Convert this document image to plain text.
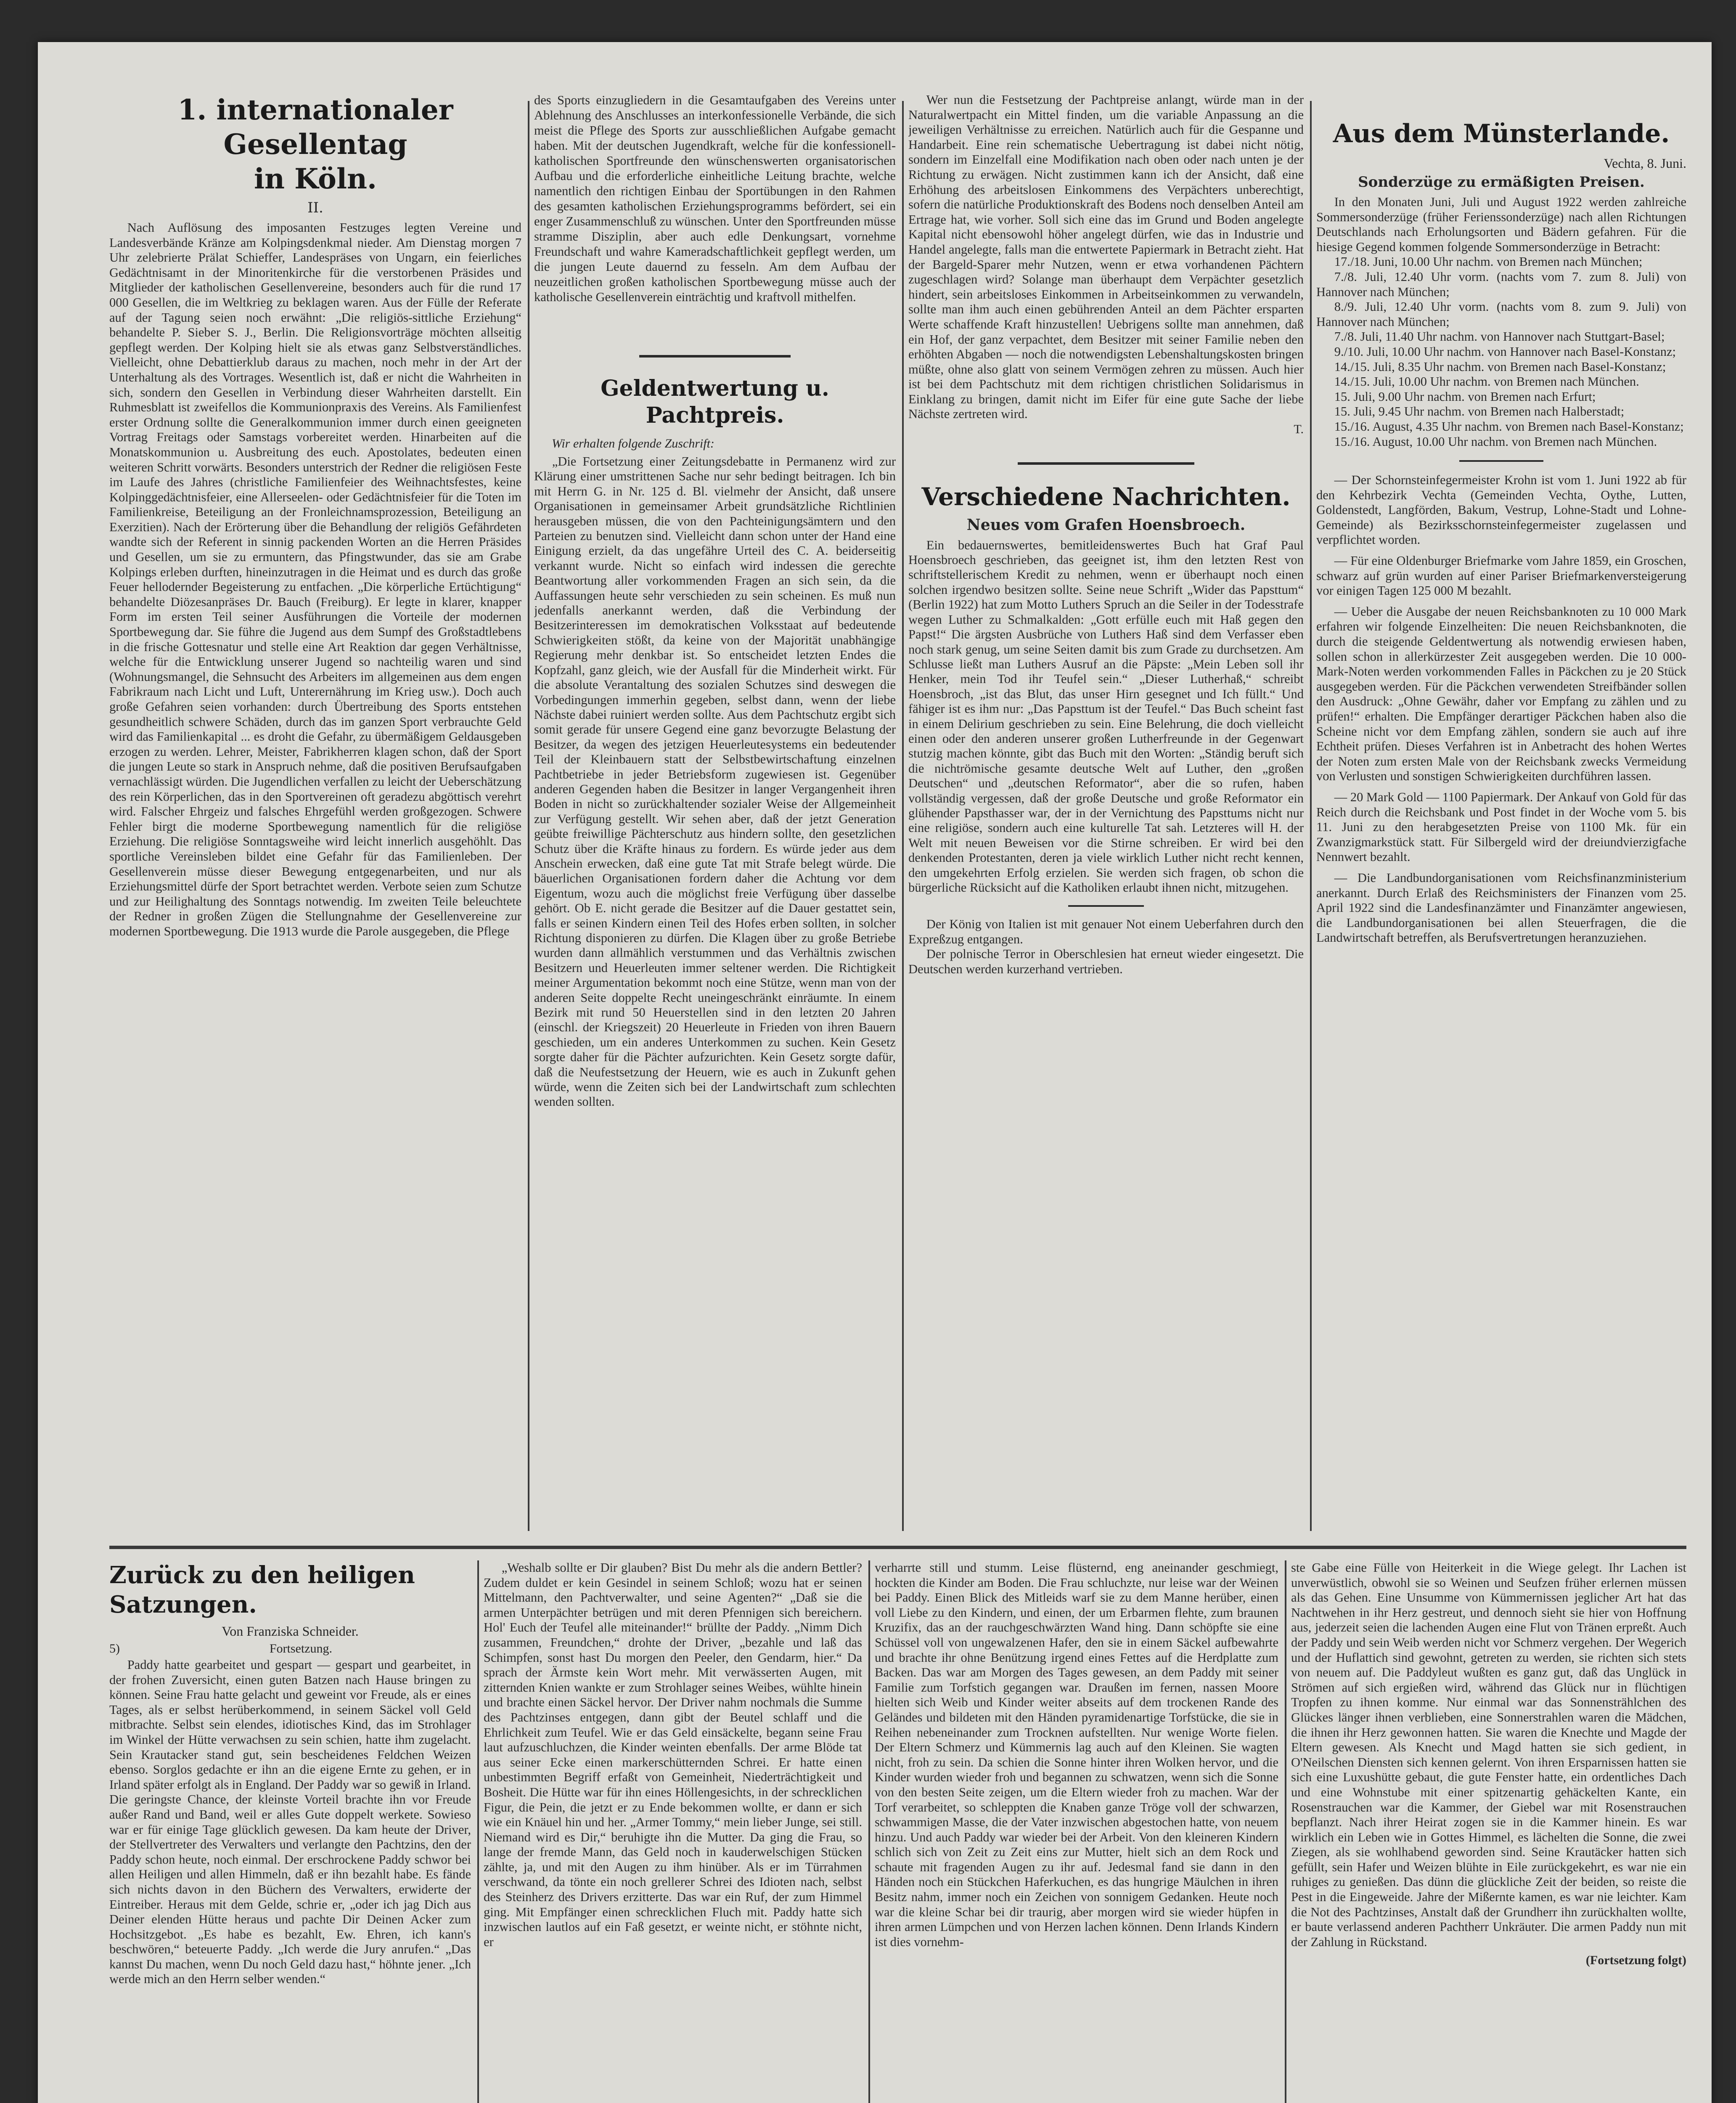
1. internationaler Gesellentag
in Köln.
II.

Nach Auflösung des imposanten Festzuges legten Vereine und Landesverbände Kränze am Kolpingsdenkmal nieder. Am Dienstag morgen 7 Uhr zelebrierte Prälat Schieffer, Landespräses von Ungarn, ein feierliches Gedächtnisamt in der Minoritenkirche für die verstorbenen Präsides und Mitglieder der katholischen Gesellenvereine, besonders auch für die rund 17 000 Gesellen, die im Weltkrieg zu beklagen waren. Aus der Fülle der Referate auf der Tagung seien noch erwähnt: „Die religiös-sittliche Erziehung“ behandelte P. Sieber S. J., Berlin. Die Religionsvorträge möchten allseitig gepflegt werden. Der Kolping hielt sie als etwas ganz Selbstverständliches. Vielleicht, ohne Debattierklub daraus zu machen, noch mehr in der Art der Unterhaltung als des Vortrages. Wesentlich ist, daß er nicht die Wahrheiten in sich, sondern den Gesellen in Verbindung dieser Wahrheiten darstellt. Ein Ruhmesblatt ist zweifellos die Kommunionpraxis des Vereins. Als Familienfest erster Ordnung sollte die Generalkommunion immer durch einen geeigneten Vortrag Freitags oder Samstags vorbereitet werden. Hinarbeiten auf die Monatskommunion u. Ausbreitung des euch. Apostolates, bedeuten einen weiteren Schritt vorwärts. Besonders unterstrich der Redner die religiösen Feste im Laufe des Jahres (christliche Familienfeier des Weihnachtsfestes, keine Kolpinggedächtnisfeier, eine Allerseelen- oder Gedächtnisfeier für die Toten im Familienkreise, Beteiligung an der Fronleichnamsprozession, Beteiligung an Exerzitien). Nach der Erörterung über die Behandlung der religiös Gefährdeten wandte sich der Referent in sinnig packenden Worten an die Herren Präsides und Gesellen, um sie zu ermuntern, das Pfingstwunder, das sie am Grabe Kolpings erleben durften, hineinzutragen in die Heimat und es durch das große Feuer hellodernder Begeisterung zu entfachen. „Die körperliche Ertüchtigung“ behandelte Diözesanpräses Dr. Bauch (Freiburg). Er legte in klarer, knapper Form im ersten Teil seiner Ausführungen die Vorteile der modernen Sportbewegung dar. Sie führe die Jugend aus dem Sumpf des Großstadtlebens in die frische Gottesnatur und stelle eine Art Reaktion dar gegen Verhältnisse, welche für die Entwicklung unserer Jugend so nachteilig waren und sind (Wohnungsmangel, die Sehnsucht des Arbeiters im allgemeinen aus dem engen Fabrikraum nach Licht und Luft, Unterernährung im Krieg usw.). Doch auch große Gefahren seien vorhanden: durch Übertreibung des Sports entstehen gesundheitlich schwere Schäden, durch das im ganzen Sport verbrauchte Geld wird das Familienkapital ... es droht die Gefahr, zu übermäßigem Geldausgeben erzogen zu werden. Lehrer, Meister, Fabrikherren klagen schon, daß der Sport die jungen Leute so stark in Anspruch nehme, daß die positiven Berufsaufgaben vernachlässigt würden. Die Jugendlichen verfallen zu leicht der Ueberschätzung des rein Körperlichen, das in den Sportvereinen oft geradezu abgöttisch verehrt wird. Falscher Ehrgeiz und falsches Ehrgefühl werden großgezogen. Schwere Fehler birgt die moderne Sportbewegung namentlich für die religiöse Erziehung. Die religiöse Sonntagsweihe wird leicht innerlich ausgehöhlt. Das sportliche Vereinsleben bildet eine Gefahr für das Familienleben. Der Gesellenverein müsse dieser Bewegung entgegenarbeiten, und nur als Erziehungsmittel dürfe der Sport betrachtet werden. Verbote seien zum Schutze und zur Heilighaltung des Sonntags notwendig. Im zweiten Teile beleuchtete der Redner in großen Zügen die Stellungnahme der Gesellenvereine zur modernen Sportbewegung. Die 1913 wurde die Parole ausgegeben, die Pflege

des Sports einzugliedern in die Gesamtaufgaben des Vereins unter Ablehnung des Anschlusses an interkonfessionelle Verbände, die sich meist die Pflege des Sports zur ausschließlichen Aufgabe gemacht haben. Mit der deutschen Jugendkraft, welche für die konfessionell-katholischen Sportfreunde den wünschenswerten organisatorischen Aufbau und die erforderliche einheitliche Leitung brachte, welche namentlich den richtigen Einbau der Sportübungen in den Rahmen des gesamten katholischen Erziehungsprogramms befördert, sei ein enger Zusammenschluß zu wünschen. Unter den Sportfreunden müsse stramme Disziplin, aber auch edle Denkungsart, vornehme Freundschaft und wahre Kameradschaftlichkeit gepflegt werden, um die jungen Leute dauernd zu fesseln. Am dem Aufbau der neuzeitlichen großen katholischen Sportbewegung müsse auch der katholische Gesellenverein einträchtig und kraftvoll mithelfen.

Geldentwertung u. Pachtpreis.
Wir erhalten folgende Zuschrift:

„Die Fortsetzung einer Zeitungsdebatte in Permanenz wird zur Klärung einer umstrittenen Sache nur sehr bedingt beitragen. Ich bin mit Herrn G. in Nr. 125 d. Bl. vielmehr der Ansicht, daß unsere Organisationen in gemeinsamer Arbeit grundsätzliche Richtlinien herausgeben müssen, die von den Pachteinigungsämtern und den Parteien zu benutzen sind. Vielleicht dann schon unter der Hand eine Einigung erzielt, da das ungefähre Urteil des C. A. beiderseitig verkannt wurde. Nicht so einfach wird indessen die gerechte Beantwortung aller vorkommenden Fragen an sich sein, da die Auffassungen heute sehr verschieden zu sein scheinen. Es muß nun jedenfalls anerkannt werden, daß die Verbindung der Besitzerinteressen im demokratischen Volksstaat auf bedeutende Schwierigkeiten stößt, da keine von der Majorität unabhängige Regierung mehr denkbar ist. So entscheidet letzten Endes die Kopfzahl, ganz gleich, wie der Ausfall für die Minderheit wirkt. Für die absolute Verantaltung des sozialen Schutzes sind deswegen die Vorbedingungen immerhin gegeben, selbst dann, wenn der liebe Nächste dabei ruiniert werden sollte. Aus dem Pachtschutz ergibt sich somit gerade für unsere Gegend eine ganz bevorzugte Belastung der Besitzer, da wegen des jetzigen Heuerleutesystems ein bedeutender Teil der Kleinbauern statt der Selbstbewirtschaftung einzelnen Pachtbetriebe in jeder Betriebsform zugewiesen ist. Gegenüber anderen Gegenden haben die Besitzer in langer Vergangenheit ihren Boden in nicht so zurückhaltender sozialer Weise der Allgemeinheit zur Verfügung gestellt. Wir sehen aber, daß der jetzt Generation geübte freiwillige Pächterschutz aus hindern sollte, den gesetzlichen Schutz über die Kräfte hinaus zu fordern. Es würde jeder aus dem Anschein erwecken, daß eine gute Tat mit Strafe belegt würde. Die bäuerlichen Organisationen fordern daher die Achtung vor dem Eigentum, wozu auch die möglichst freie Verfügung über dasselbe gehört. Ob E. nicht gerade die Besitzer auf die Dauer gestattet sein, falls er seinen Kindern einen Teil des Hofes erben sollten, in solcher Richtung disponieren zu dürfen. Die Klagen über zu große Betriebe wurden dann allmählich verstummen und das Verhältnis zwischen Besitzern und Heuerleuten immer seltener werden. Die Richtigkeit meiner Argumentation bekommt noch eine Stütze, wenn man von der anderen Seite doppelte Recht uneingeschränkt einräumte. In einem Bezirk mit rund 50 Heuerstellen sind in den letzten 20 Jahren (einschl. der Kriegszeit) 20 Heuerleute in Frieden von ihren Bauern geschieden, um ein anderes Unterkommen zu suchen. Kein Gesetz sorgte daher für die Pächter aufzurichten. Kein Gesetz sorgte dafür, daß die Neufestsetzung der Heuern, wie es auch in Zukunft gehen würde, wenn die Zeiten sich bei der Landwirtschaft zum schlechten wenden sollten.

Wer nun die Festsetzung der Pachtpreise anlangt, würde man in der Naturalwertpacht ein Mittel finden, um die variable Anpassung an die jeweiligen Verhältnisse zu erreichen. Natürlich auch für die Gespanne und Handarbeit. Eine rein schematische Uebertragung ist dabei nicht nötig, sondern im Einzelfall eine Modifikation nach oben oder nach unten je der Richtung zu erwägen. Nicht zustimmen kann ich der Ansicht, daß eine Erhöhung des arbeitslosen Einkommens des Verpächters unberechtigt, sofern die natürliche Produktionskraft des Bodens noch denselben Anteil am Ertrage hat, wie vorher. Soll sich eine das im Grund und Boden angelegte Kapital nicht ebensowohl höher angelegt dürfen, wie das in Industrie und Handel angelegte, falls man die entwertete Papiermark in Betracht zieht. Hat der Bargeld-Sparer mehr Nutzen, wenn er etwa vorhandenen Pächtern zugeschlagen wird? Solange man überhaupt dem Verpächter gesetzlich hindert, sein arbeitsloses Einkommen in Arbeitseinkommen zu verwandeln, sollte man ihm auch einen gebührenden Anteil an dem Pächter ersparten Werte schaffende Kraft hinzustellen! Uebrigens sollte man annehmen, daß ein Hof, der ganz verpachtet, dem Besitzer mit seiner Familie neben den erhöhten Abgaben — noch die notwendigsten Lebenshaltungskosten bringen müßte, ohne also glatt von seinem Vermögen zehren zu müssen. Auch hier ist bei dem Pachtschutz mit dem richtigen christlichen Solidarismus in Einklang zu bringen, damit nicht im Eifer für eine gute Sache der liebe Nächste zertreten wird.

T.
Verschiedene Nachrichten.
Neues vom Grafen Hoensbroech.

Ein bedauernswertes, bemitleidenswertes Buch hat Graf Paul Hoensbroech geschrieben, das geeignet ist, ihm den letzten Rest von schriftstellerischem Kredit zu nehmen, wenn er überhaupt noch einen solchen irgendwo besitzen sollte. Seine neue Schrift „Wider das Papsttum“ (Berlin 1922) hat zum Motto Luthers Spruch an die Seiler in der Todesstrafe wegen Luther zu Schmalkalden: „Gott erfülle euch mit Haß gegen den Papst!“ Die ärgsten Ausbrüche von Luthers Haß sind dem Verfasser eben noch stark genug, um seine Seiten damit bis zum Grade zu durchsetzen. Am Schlusse ließt man Luthers Ausruf an die Päpste: „Mein Leben soll ihr Henker, mein Tod ihr Teufel sein.“ „Dieser Lutherhaß,“ schreibt Hoensbroch, „ist das Blut, das unser Hirn gesegnet und Ich füllt.“ Und fähiger ist es ihm nur: „Das Papsttum ist der Teufel.“ Das Buch scheint fast in einem Delirium geschrieben zu sein. Eine Belehrung, die doch vielleicht einen oder den anderen unserer großen Lutherfreunde in der Gegenwart stutzig machen könnte, gibt das Buch mit den Worten: „Ständig beruft sich die nichtrömische gesamte deutsche Welt auf Luther, den „großen Deutschen“ und „deutschen Reformator“, aber die so rufen, haben vollständig vergessen, daß der große Deutsche und große Reformator ein glühender Papsthasser war, der in der Vernichtung des Papsttums nicht nur eine religiöse, sondern auch eine kulturelle Tat sah. Letzteres will H. der Welt mit neuen Beweisen vor die Stirne schreiben. Er wird bei den denkenden Protestanten, deren ja viele wirklich Luther nicht recht kennen, den umgekehrten Erfolg erzielen. Sie werden sich fragen, ob schon die bürgerliche Rücksicht auf die Katholiken erlaubt ihnen nicht, mitzugehen.

Der König von Italien ist mit genauer Not einem Ueberfahren durch den Expreßzug entgangen.

Der polnische Terror in Oberschlesien hat erneut wieder eingesetzt. Die Deutschen werden kurzerhand vertrieben.

Aus dem Münsterlande.
Vechta, 8. Juni.
Sonderzüge zu ermäßigten Preisen.

In den Monaten Juni, Juli und August 1922 werden zahlreiche Sommersonderzüge (früher Ferienssonderzüge) nach allen Richtungen Deutschlands nach Erholungsorten und Bädern gefahren. Für die hiesige Gegend kommen folgende Sommersonderzüge in Betracht:

17./18. Juni, 10.00 Uhr nachm. von Bremen nach München;

7./8. Juli, 12.40 Uhr vorm. (nachts vom 7. zum 8. Juli) von Hannover nach München;

8./9. Juli, 12.40 Uhr vorm. (nachts vom 8. zum 9. Juli) von Hannover nach München;

7./8. Juli, 11.40 Uhr nachm. von Hannover nach Stuttgart-Basel;

9./10. Juli, 10.00 Uhr nachm. von Hannover nach Basel-Konstanz;

14./15. Juli, 8.35 Uhr nachm. von Bremen nach Basel-Konstanz;

14./15. Juli, 10.00 Uhr nachm. von Bremen nach München.

15. Juli, 9.00 Uhr nachm. von Bremen nach Erfurt;

15. Juli, 9.45 Uhr nachm. von Bremen nach Halberstadt;

15./16. August, 4.35 Uhr nachm. von Bremen nach Basel-Konstanz;

15./16. August, 10.00 Uhr nachm. von Bremen nach München.

— Der Schornsteinfegermeister Krohn ist vom 1. Juni 1922 ab für den Kehrbezirk Vechta (Gemeinden Vechta, Oythe, Lutten, Goldenstedt, Langförden, Bakum, Vestrup, Lohne-Stadt und Lohne-Gemeinde) als Bezirksschornsteinfegermeister zugelassen und verpflichtet worden.

— Für eine Oldenburger Briefmarke vom Jahre 1859, ein Groschen, schwarz auf grün wurden auf einer Pariser Briefmarkenversteigerung vor einigen Tagen 125 000 M bezahlt.

— Ueber die Ausgabe der neuen Reichsbanknoten zu 10 000 Mark erfahren wir folgende Einzelheiten: Die neuen Reichsbanknoten, die durch die steigende Geldentwertung als notwendig erwiesen haben, sollen schon in allerkürzester Zeit ausgegeben werden. Die 10 000-Mark-Noten werden vorkommenden Falles in Päckchen zu je 20 Stück ausgegeben werden. Für die Päckchen verwendeten Streifbänder sollen den Ausdruck: „Ohne Gewähr, daher vor Empfang zu zählen und zu prüfen!“ erhalten. Die Empfänger derartiger Päckchen haben also die Scheine nicht vor dem Empfang zählen, sondern sie auch auf ihre Echtheit prüfen. Dieses Verfahren ist in Anbetracht des hohen Wertes der Noten zum ersten Male von der Reichsbank zwecks Vermeidung von Verlusten und sonstigen Schwierigkeiten durchführen lassen.

— 20 Mark Gold — 1100 Papiermark. Der Ankauf von Gold für das Reich durch die Reichsbank und Post findet in der Woche vom 5. bis 11. Juni zu den herabgesetzten Preise von 1100 Mk. für ein Zwanzigmarkstück statt. Für Silbergeld wird der dreiundvierzigfache Nennwert bezahlt.

— Die Landbundorganisationen vom Reichsfinanzministerium anerkannt. Durch Erlaß des Reichsministers der Finanzen vom 25. April 1922 sind die Landesfinanzämter und Finanzämter angewiesen, die Landbundorganisationen bei allen Steuerfragen, die die Landwirtschaft betreffen, als Berufsvertretungen heranzuziehen.

Zurück zu den heiligen Satzungen.
Von Franziska Schneider.
5)	Fortsetzung.

Paddy hatte gearbeitet und gespart — gespart und gearbeitet, in der frohen Zuversicht, einen guten Batzen nach Hause bringen zu können. Seine Frau hatte gelacht und geweint vor Freude, als er eines Tages, als er selbst herüberkommend, in seinem Säckel voll Geld mitbrachte. Selbst sein elendes, idiotisches Kind, das im Strohlager im Winkel der Hütte verwachsen zu sein schien, hatte ihm zugelacht. Sein Krautacker stand gut, sein bescheidenes Feldchen Weizen ebenso. Sorglos gedachte er ihn an die eigene Ernte zu gehen, er in Irland später erfolgt als in England. Der Paddy war so gewiß in Irland. Die geringste Chance, der kleinste Vorteil brachte ihn vor Freude außer Rand und Band, weil er alles Gute doppelt werkete. Sowieso war er für einige Tage glücklich gewesen. Da kam heute der Driver, der Stellvertreter des Verwalters und verlangte den Pachtzins, den der Paddy schon heute, noch einmal. Der erschrockene Paddy schwor bei allen Heiligen und allen Himmeln, daß er ihn bezahlt habe. Es fände sich nichts davon in den Büchern des Verwalters, erwiderte der Eintreiber. Heraus mit dem Gelde, schrie er, „oder ich jag Dich aus Deiner elenden Hütte heraus und pachte Dir Deinen Acker zum Hochsitzgebot. „Es habe es bezahlt, Ew. Ehren, ich kann's beschwören,“ beteuerte Paddy. „Ich werde die Jury anrufen.“ „Das kannst Du machen, wenn Du noch Geld dazu hast,“ höhnte jener. „Ich werde mich an den Herrn selber wenden.“

„Weshalb sollte er Dir glauben? Bist Du mehr als die andern Bettler? Zudem duldet er kein Gesindel in seinem Schloß; wozu hat er seinen Mittelmann, den Pachtverwalter, und seine Agenten?“ „Daß sie die armen Unterpächter betrügen und mit deren Pfennigen sich bereichern. Hol' Euch der Teufel alle miteinander!“ brüllte der Paddy. „Nimm Dich zusammen, Freundchen,“ drohte der Driver, „bezahle und laß das Schimpfen, sonst hast Du morgen den Peeler, den Gendarm, hier.“ Da sprach der Ärmste kein Wort mehr. Mit verwässerten Augen, mit zitternden Knien wankte er zum Strohlager seines Weibes, wühlte hinein und brachte einen Säckel hervor. Der Driver nahm nochmals die Summe des Pachtzinses entgegen, dann gibt der Beutel schlaff und die Ehrlichkeit zum Teufel. Wie er das Geld einsäckelte, begann seine Frau laut aufzuschluchzen, die Kinder weinten ebenfalls. Der arme Blöde tat aus seiner Ecke einen markerschütternden Schrei. Er hatte einen unbestimmten Begriff erfaßt von Gemeinheit, Niederträchtigkeit und Bosheit. Die Hütte war für ihn eines Höllengesichts, in der schrecklichen Figur, die Pein, die jetzt er zu Ende bekommen wollte, er dann er sich wie ein Knäuel hin und her. „Armer Tommy,“ mein lieber Junge, sei still. Niemand wird es Dir,“ beruhigte ihn die Mutter. Da ging die Frau, so lange der fremde Mann, das Geld noch in kauderwelschigen Stücken zählte, ja, und mit den Augen zu ihm hinüber. Als er im Türrahmen verschwand, da tönte ein noch grellerer Schrei des Idioten nach, selbst des Steinherz des Drivers erzitterte. Das war ein Ruf, der zum Himmel ging. Mit Empfänger einen schrecklichen Fluch mit. Paddy hatte sich inzwischen lautlos auf ein Faß gesetzt, er weinte nicht, er stöhnte nicht, er

verharrte still und stumm. Leise flüsternd, eng aneinander geschmiegt, hockten die Kinder am Boden. Die Frau schluchzte, nur leise war der Weinen bei Paddy. Einen Blick des Mitleids warf sie zu dem Manne herüber, einen voll Liebe zu den Kindern, und einen, der um Erbarmen flehte, zum braunen Kruzifix, das an der rauchgeschwärzten Wand hing. Dann schöpfte sie eine Schüssel voll von ungewalzenen Hafer, den sie in einem Säckel aufbewahrte und brachte ihr ohne Benützung irgend eines Fettes auf die Herdplatte zum Backen. Das war am Morgen des Tages gewesen, an dem Paddy mit seiner Familie zum Torfstich gegangen war. Draußen im fernen, nassen Moore hielten sich Weib und Kinder weiter abseits auf dem trockenen Rande des Geländes und bildeten mit den Händen pyramidenartige Torfstücke, die sie in Reihen nebeneinander zum Trocknen aufstellten. Nur wenige Worte fielen. Der Eltern Schmerz und Kümmernis lag auch auf den Kleinen. Sie wagten nicht, froh zu sein. Da schien die Sonne hinter ihren Wolken hervor, und die Kinder wurden wieder froh und begannen zu schwatzen, wenn sich die Sonne von den besten Seite zeigen, um die Eltern wieder froh zu machen. War der Torf verarbeitet, so schleppten die Knaben ganze Tröge voll der schwarzen, schwammigen Masse, die der Vater inzwischen abgestochen hatte, von neuem hinzu. Und auch Paddy war wieder bei der Arbeit. Von den kleineren Kindern schlich sich von Zeit zu Zeit eins zur Mutter, hielt sich an dem Rock und schaute mit fragenden Augen zu ihr auf. Jedesmal fand sie dann in den Händen noch ein Stückchen Haferkuchen, es das hungrige Mäulchen in ihren Besitz nahm, immer noch ein Zeichen von sonnigem Gedanken. Heute noch war die kleine Schar bei dir traurig, aber morgen wird sie wieder hüpfen in ihren armen Lümpchen und von Herzen lachen können. Denn Irlands Kindern ist dies vornehm-

ste Gabe eine Fülle von Heiterkeit in die Wiege gelegt. Ihr Lachen ist unverwüstlich, obwohl sie so Weinen und Seufzen früher erlernen müssen als das Gehen. Eine Unsumme von Kümmernissen jeglicher Art hat das Nachtwehen in ihr Herz gestreut, und dennoch sieht sie hier von Hoffnung aus, jederzeit seien die lachenden Augen eine Flut von Tränen erpreßt. Auch der Paddy und sein Weib werden nicht vor Schmerz vergehen. Der Wegerich und der Huflattich sind gewohnt, getreten zu werden, sie richten sich stets von neuem auf. Die Paddyleut wußten es ganz gut, daß das Unglück in Strömen auf sich ergießen wird, während das Glück nur in flüchtigen Tropfen zu ihnen komme. Nur einmal war das Sonnenstrählchen des Glückes länger ihnen verblieben, eine Sonnerstrahlen waren die Mädchen, die ihnen ihr Herz gewonnen hatten. Sie waren die Knechte und Magde der Eltern gewesen. Als Knecht und Magd hatten sie sich gedient, in O'Neilschen Diensten sich kennen gelernt. Von ihren Ersparnissen hatten sie sich eine Luxushütte gebaut, die gute Fenster hatte, ein ordentliches Dach und eine Wohnstube mit einer spitzenartig gehäckelten Kante, ein Rosenstrauchen war die Kammer, der Giebel war mit Rosenstrauchen bepflanzt. Nach ihrer Heirat zogen sie in die Kammer hinein. Es war wirklich ein Leben wie in Gottes Himmel, es lächelten die Sonne, die zwei Ziegen, als sie wohlhabend geworden sind. Seine Krautäcker hatten sich gefüllt, sein Hafer und Weizen blühte in Eile zurückgekehrt, es war nie ein ruhiges zu genießen. Das dünn die glückliche Zeit der beiden, so reiste die Pest in die Eingeweide. Jahre der Mißernte kamen, es war nie leichter. Kam die Not des Pachtzinses, Anstalt daß der Grundherr ihn zurückhalten wollte, er baute verlassend anderen Pachtherr Unkräuter. Die armen Paddy nun mit der Zahlung in Rückstand.

(Fortsetzung folgt)
